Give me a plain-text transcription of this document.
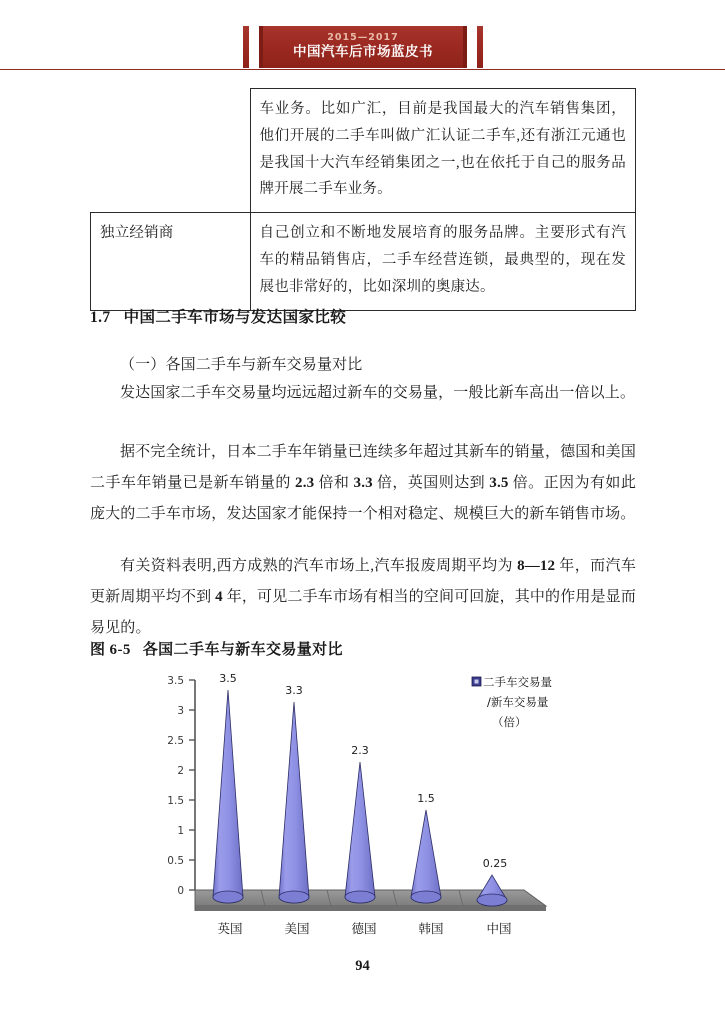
2015—2017
中国汽车后市场蓝皮书
	车业务。比如广汇，目前是我国最大的汽车销售集团，他们开展的二手车叫做广汇认证二手车,还有浙江元通也是我国十大汽车经销集团之一,也在依托于自己的服务品牌开展二手车业务。
独立经销商	自己创立和不断地发展培育的服务品牌。主要形式有汽车的精品销售店，二手车经营连锁，最典型的，现在发展也非常好的，比如深圳的奥康达。
1.7 中国二手车市场与发达国家比较
（一）各国二手车与新车交易量对比
发达国家二手车交易量均远远超过新车的交易量，一般比新车高出一倍以上。
据不完全统计，日本二手车年销量已连续多年超过其新车的销量，德国和美国二手车年销量已是新车销量的 2.3 倍和 3.3 倍，英国则达到 3.5 倍。正因为有如此庞大的二手车市场，发达国家才能保持一个相对稳定、规模巨大的新车销售市场。
有关资料表明,西方成熟的汽车市场上,汽车报废周期平均为 8—12 年，而汽车更新周期平均不到 4 年，可见二手车市场有相当的空间可回旋，其中的作用是显而易见的。
图 6-5 各国二手车与新车交易量对比
0
0.5
1
1.5
2
2.5
3
3.5	3.5
3.3
2.3
1.5
0.25
英国	美国	德国	韩国	中国
二手车交易量
/新车交易量
（倍）
94
